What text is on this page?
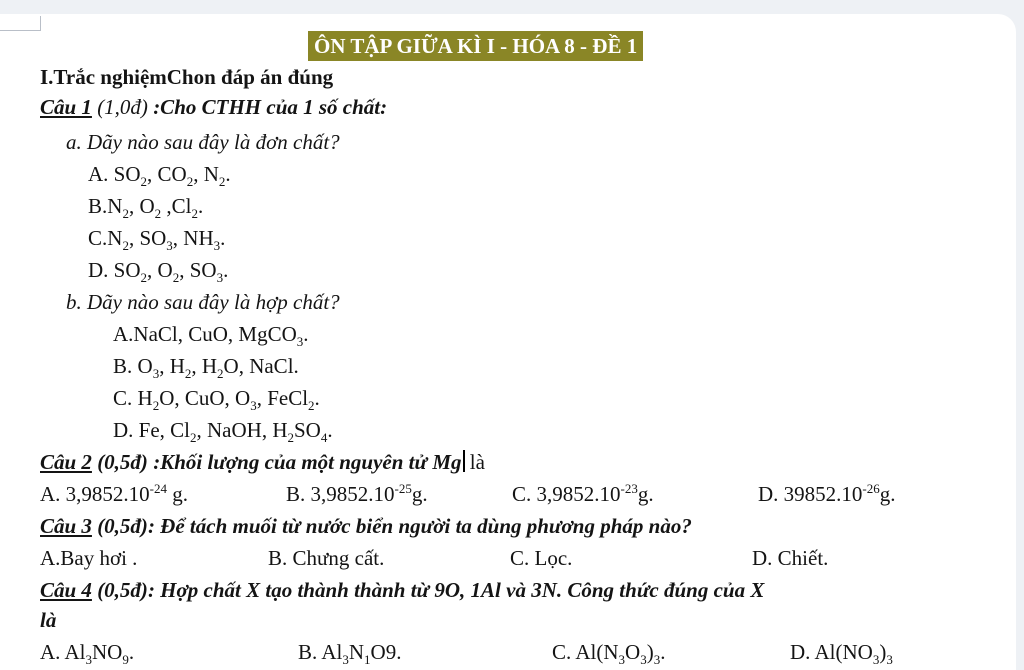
ÔN TẬP GIỮA KÌ I - HÓA 8 - ĐỀ 1
I.Trắc nghiệmChon đáp án đúng
Câu 1 (1,0đ) :Cho CTHH của 1 số chất:
a. Dãy nào sau đây là đơn chất?
A. $SO_2$, $CO_2$, $N_2$.
$B.N_2$, $O_2$ $,Cl_2$.
$C.N_2$, $SO_3$, $NH_3$.
D. $SO_2$, $O_2$, $SO_3$.
b. Dãy nào sau đây là hợp chất?
A.NaCl, CuO, MgCO$_3$.
B. $O_3$, $H_2$, $H_2O$, NaCl.
C. $H_2O$, CuO, $O_3$, FeCl$_2$.
D. Fe, $Cl_2$, NaOH, $H_2SO_4$.
Câu 2 (0,5đ) :Khối lượng của một nguyên tử Mg là
A. $3,9852.10^{-24}$ g.	B. $3,9852.10^{-25}g$.	C. $3,9852.10^{-23}g$.	D. $39852.10^{-26}g$.
Câu 3 (0,5đ): Để tách muối từ nước biển người ta dùng phương pháp nào?
A.Bay hơi .	B. Chưng cất.	C. Lọc.	D. Chiết.
Câu 4 (0,5đ): Hợp chất X tạo thành thành từ 9O, 1Al và 3N. Công thức đúng của X
là
A. $Al_3NO_9$.	B. $Al_3N_1O9$.	C. $Al(N_3O_3)_3$.	D. $Al(NO_3)_3$
